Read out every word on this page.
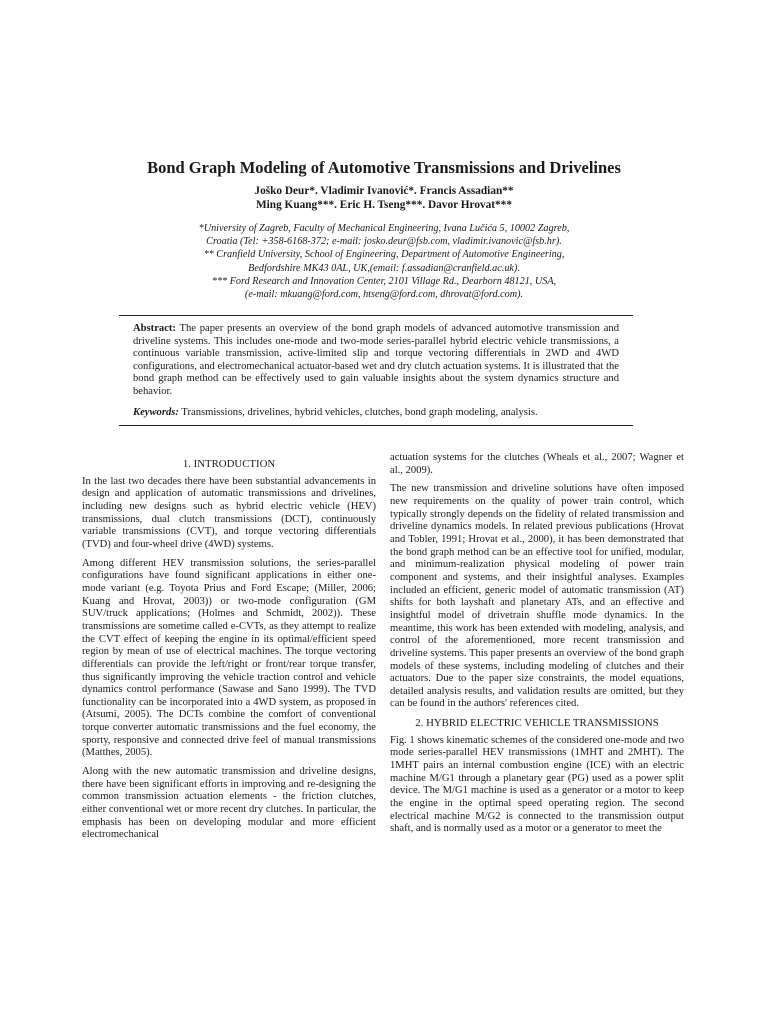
Bond Graph Modeling of Automotive Transmissions and Drivelines
Joško Deur*. Vladimir Ivanović*. Francis Assadian**
Ming Kuang***. Eric H. Tseng***. Davor Hrovat***
*University of Zagreb, Faculty of Mechanical Engineering, Ivana Lučića 5, 10002 Zagreb,
Croatia (Tel: +358-6168-372; e-mail: josko.deur@fsb.com, vladimir.ivanovic@fsb.hr).
** Cranfield University, School of Engineering, Department of Automotive Engineering,
Bedfordshire MK43 0AL, UK,(email: f.assadian@cranfield.ac.uk).
*** Ford Research and Innovation Center, 2101 Village Rd., Dearborn 48121, USA,
(e-mail: mkuang@ford.com, htseng@ford.com, dhrovat@ford.com).

Abstract: The paper presents an overview of the bond graph models of advanced automotive transmission and driveline systems. This includes one-mode and two-mode series-parallel hybrid electric vehicle transmissions, a continuous variable transmission, active-limited slip and torque vectoring differentials in 2WD and 4WD configurations, and electromechanical actuator-based wet and dry clutch actuation systems. It is illustrated that the bond graph method can be effectively used to gain valuable insights about the system dynamics structure and behavior.

Keywords: Transmissions, drivelines, hybrid vehicles, clutches, bond graph modeling, analysis.

1. INTRODUCTION

In the last two decades there have been substantial advancements in design and application of automatic transmissions and drivelines, including new designs such as hybrid electric vehicle (HEV) transmissions, dual clutch transmissions (DCT), continuously variable transmissions (CVT), and torque vectoring differentials (TVD) and four-wheel drive (4WD) systems.

Among different HEV transmission solutions, the series-parallel configurations have found significant applications in either one-mode variant (e.g. Toyota Prius and Ford Escape; (Miller, 2006; Kuang and Hrovat, 2003)) or two-mode configuration (GM SUV/truck applications; (Holmes and Schmidt, 2002)). These transmissions are sometime called e-CVTs, as they attempt to realize the CVT effect of keeping the engine in its optimal/efficient speed region by mean of use of electrical machines. The torque vectoring differentials can provide the left/right or front/rear torque transfer, thus significantly improving the vehicle traction control and vehicle dynamics control performance (Sawase and Sano 1999). The TVD functionality can be incorporated into a 4WD system, as proposed in (Atsumi, 2005). The DCTs combine the comfort of conventional torque converter automatic transmissions and the fuel economy, the sporty, responsive and connected drive feel of manual transmissions (Matthes, 2005).

Along with the new automatic transmission and driveline designs, there have been significant efforts in improving and re-designing the common transmission actuation elements - the friction clutches, either conventional wet or more recent dry clutches. In particular, the emphasis has been on developing modular and more efficient electromechanical

actuation systems for the clutches (Wheals et al., 2007; Wagner et al., 2009).

The new transmission and driveline solutions have often imposed new requirements on the quality of power train control, which typically strongly depends on the fidelity of related transmission and driveline dynamics models. In related previous publications (Hrovat and Tobler, 1991; Hrovat et al., 2000), it has been demonstrated that the bond graph method can be an effective tool for unified, modular, and minimum-realization physical modeling of power train component and systems, and their insightful analyses. Examples included an efficient, generic model of automatic transmission (AT) shifts for both layshaft and planetary ATs, and an effective and insightful model of drivetrain shuffle mode dynamics. In the meantime, this work has been extended with modeling, analysis, and control of the aforementioned, more recent transmission and driveline systems. This paper presents an overview of the bond graph models of these systems, including modeling of clutches and their actuators. Due to the paper size constraints, the model equations, detailed analysis results, and validation results are omitted, but they can be found in the authors' references cited.

2. HYBRID ELECTRIC VEHICLE TRANSMISSIONS

Fig. 1 shows kinematic schemes of the considered one-mode and two mode series-parallel HEV transmissions (1MHT and 2MHT). The 1MHT pairs an internal combustion engine (ICE) with an electric machine M/G1 through a planetary gear (PG) used as a power split device. The M/G1 machine is used as a generator or a motor to keep the engine in the optimal speed operating region. The second electrical machine M/G2 is connected to the transmission output shaft, and is normally used as a motor or a generator to meet the
